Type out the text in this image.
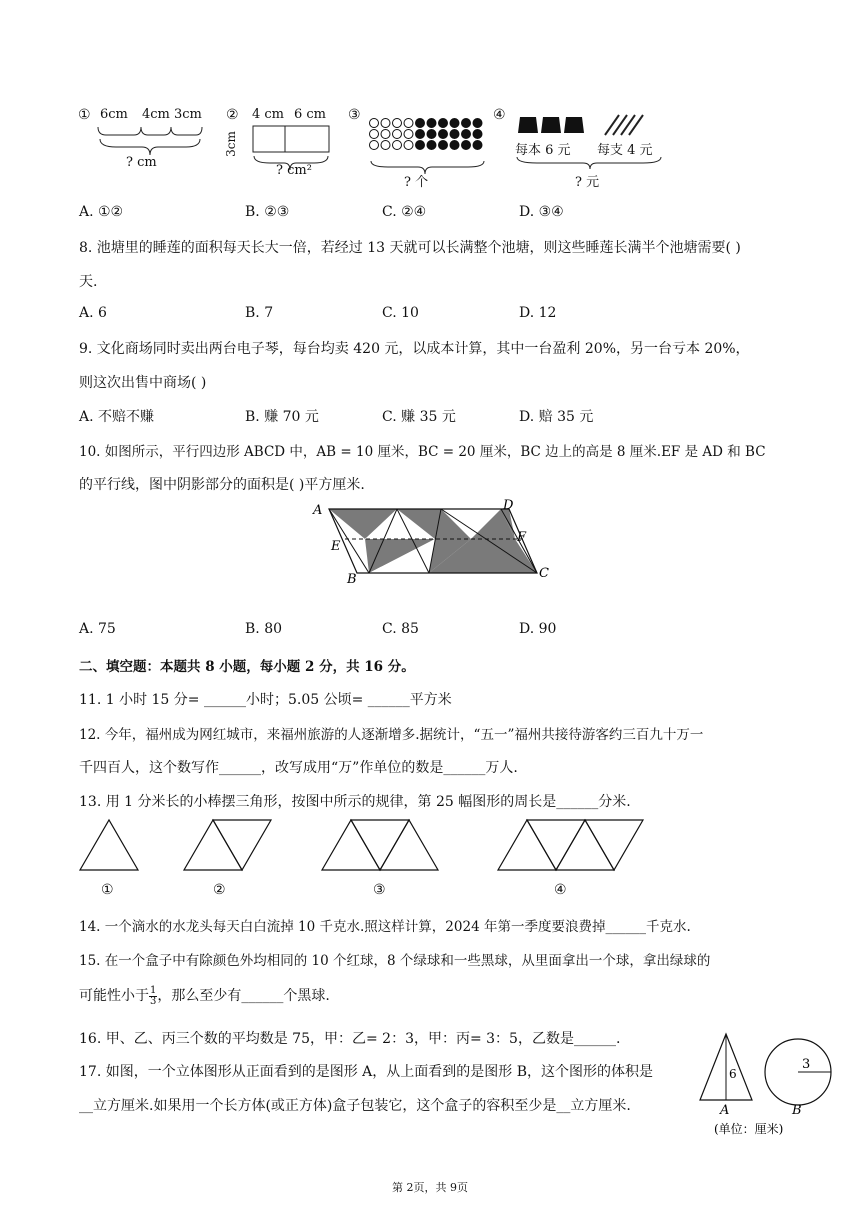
① 6cm 4cm 3cm
? cm
② 4 cm 6 cm
3cm
? cm²
③
? 个
④
每本 6 元 每支 4 元
? 元
A. ①②	B. ②③	C. ②④	D. ③④
8. 池塘里的睡莲的面积每天长大一倍，若经过 13 天就可以长满整个池塘，则这些睡莲长满半个池塘需要( )
天.
A. 6	B. 7	C. 10	D. 12
9. 文化商场同时卖出两台电子琴，每台均卖 420 元，以成本计算，其中一台盈利 20%，另一台亏本 20%，
则这次出售中商场( )
A. 不赔不赚	B. 赚 70 元	C. 赚 35 元	D. 赔 35 元
10. 如图所示，平行四边形 ABCD 中，AB = 10 厘米，BC = 20 厘米，BC 边上的高是 8 厘米.EF 是 AD 和 BC
的平行线，图中阴影部分的面积是( )平方厘米.
A	D
E
F
B	C
A. 75	B. 80	C. 85	D. 90
二、填空题：本题共 8 小题，每小题 2 分，共 16 分。
11. 1 小时 15 分= ______小时；5.05 公顷= ______平方米
12. 今年，福州成为网红城市，来福州旅游的人逐渐增多.据统计，“五一”福州共接待游客约三百九十万一
千四百人，这个数写作______，改写成用“万”作单位的数是______万人.
13. 用 1 分米长的小棒摆三角形，按图中所示的规律，第 25 幅图形的周长是______分米.
①	②	③	④
14. 一个滴水的水龙头每天白白流掉 10 千克水.照这样计算，2024 年第一季度要浪费掉______千克水.
15. 在一个盒子中有除颜色外均相同的 10 个红球，8 个绿球和一些黑球，从里面拿出一个球，拿出绿球的
可能性小于 $\frac{1}{3}$ ，那么至少有______个黑球.
16. 甲、乙、丙三个数的平均数是 75，甲：乙= 2：3，甲：丙= 3：5，乙数是______.
17. 如图，一个立体图形从正面看到的是图形 A，从上面看到的是图形 B，这个图形的体积是
__立方厘米.如果用一个长方体(或正方体)盒子包装它，这个盒子的容积至少是__立方厘米.
6
A
3
B
(单位：厘米)
第 2页，共 9页
